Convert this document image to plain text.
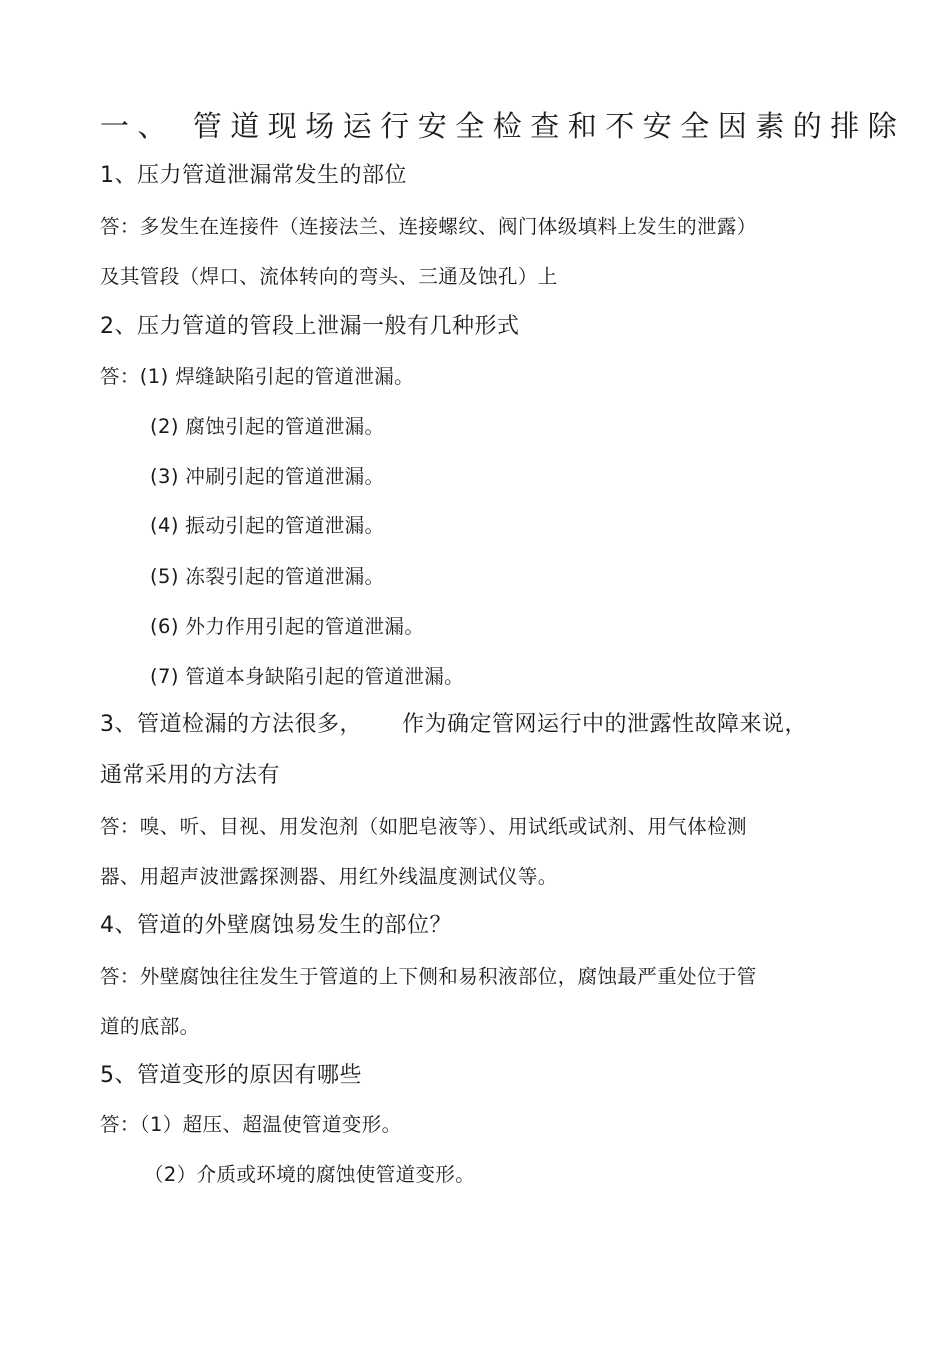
一、 管道现场运行安全检查和不安全因素的排除
1、压力管道泄漏常发生的部位
答：多发生在连接件（连接法兰、连接螺纹、阀门体级填料上发生的泄露）
及其管段（焊口、流体转向的弯头、三通及蚀孔）上
2、压力管道的管段上泄漏一般有几种形式
答：(1) 焊缝缺陷引起的管道泄漏。
(2) 腐蚀引起的管道泄漏。
(3) 冲刷引起的管道泄漏。
(4) 振动引起的管道泄漏。
(5) 冻裂引起的管道泄漏。
(6) 外力作用引起的管道泄漏。
(7) 管道本身缺陷引起的管道泄漏。
3、管道检漏的方法很多， 作为确定管网运行中的泄露性故障来说，
通常采用的方法有
答：嗅、听、目视、用发泡剂（如肥皂液等）、用试纸或试剂、用气体检测
器、用超声波泄露探测器、用红外线温度测试仪等。
4、管道的外壁腐蚀易发生的部位？
答：外壁腐蚀往往发生于管道的上下侧和易积液部位，腐蚀最严重处位于管
道的底部。
5、管道变形的原因有哪些
答：（1）超压、超温使管道变形。
（2）介质或环境的腐蚀使管道变形。
